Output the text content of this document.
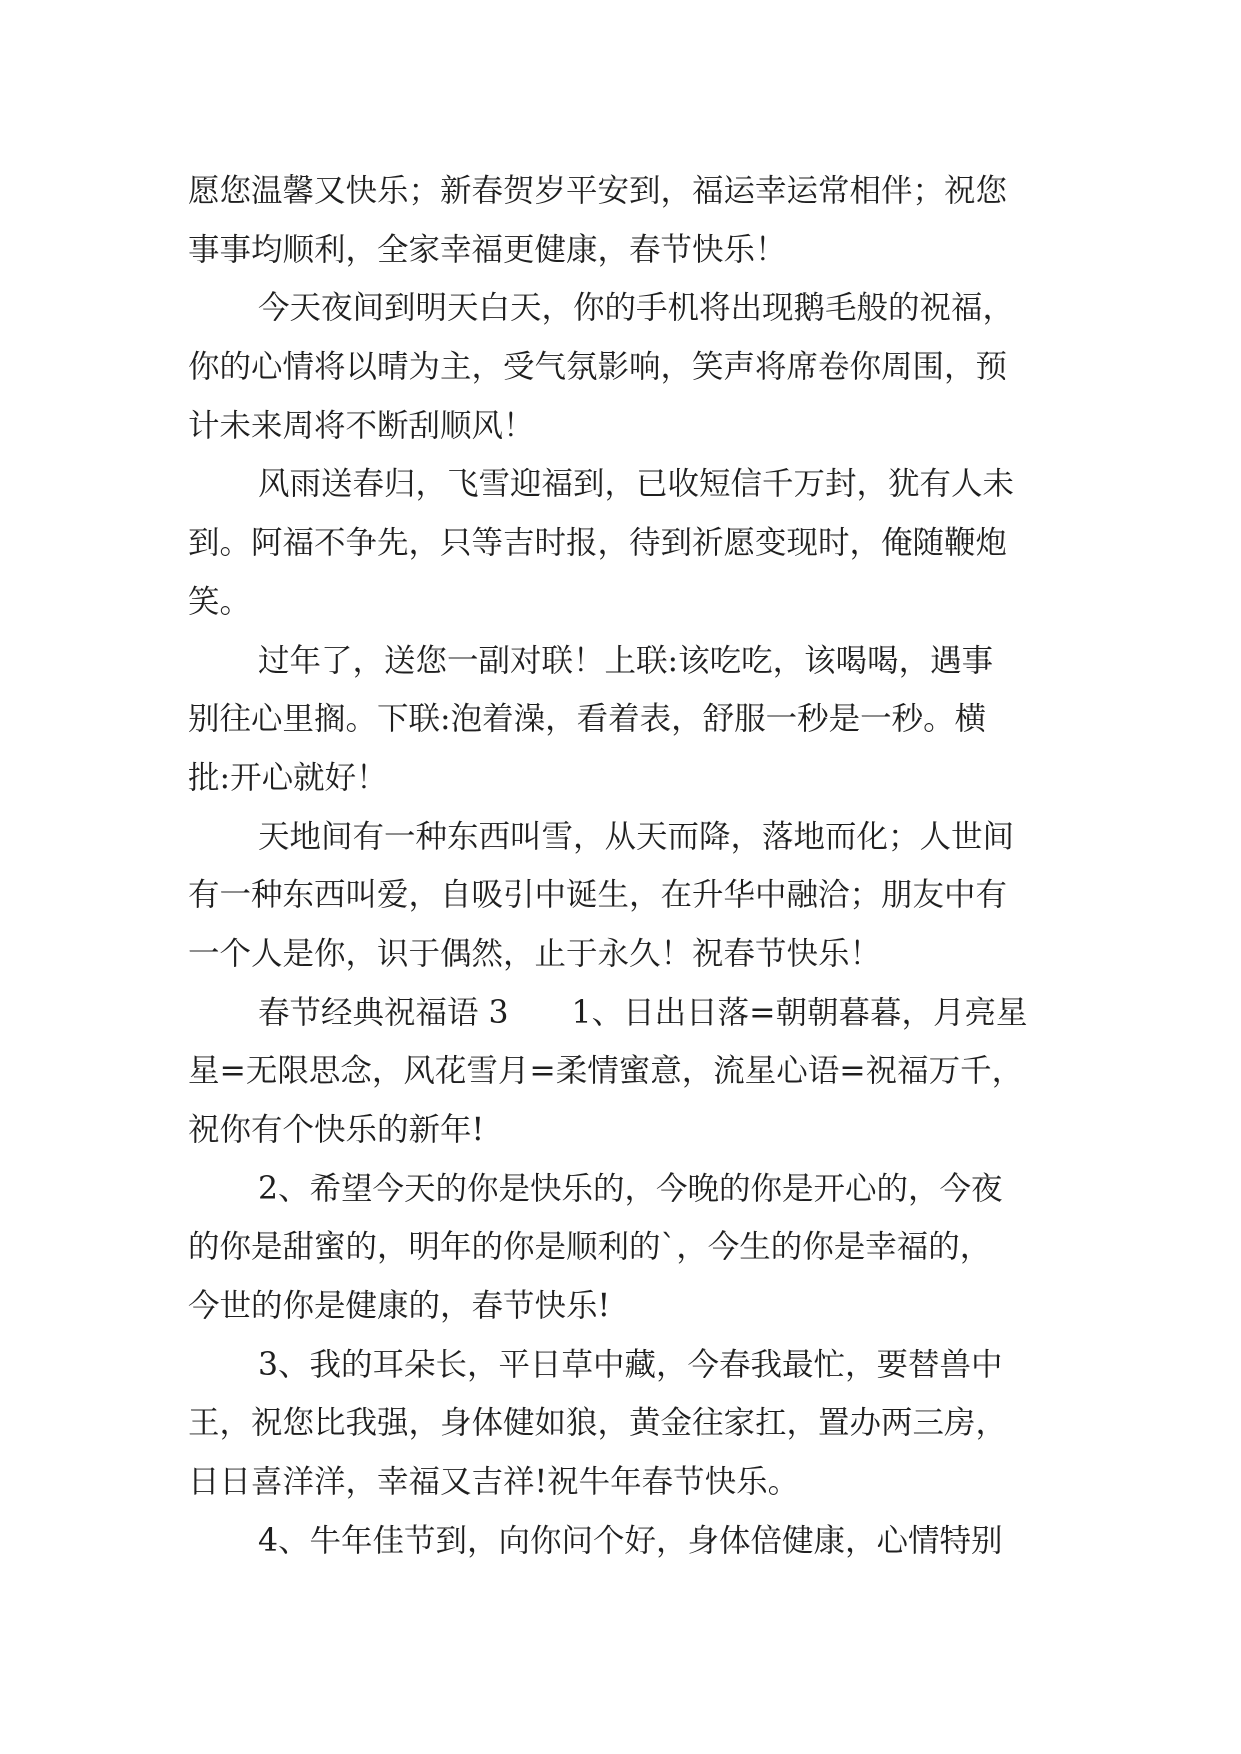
愿您温馨又快乐；新春贺岁平安到，福运幸运常相伴；祝您
事事均顺利，全家幸福更健康，春节快乐！
今天夜间到明天白天，你的手机将出现鹅毛般的祝福，
你的心情将以晴为主，受气氛影响，笑声将席卷你周围，预
计未来周将不断刮顺风！
风雨送春归，飞雪迎福到，已收短信千万封，犹有人未
到。阿福不争先，只等吉时报，待到祈愿变现时，俺随鞭炮
笑。
过年了，送您一副对联！上联:该吃吃，该喝喝，遇事
别往心里搁。下联:泡着澡，看着表，舒服一秒是一秒。横
批:开心就好！
天地间有一种东西叫雪，从天而降，落地而化；人世间
有一种东西叫爱，自吸引中诞生，在升华中融洽；朋友中有
一个人是你，识于偶然，止于永久！祝春节快乐！
春节经典祝福语 3　　1、日出日落=朝朝暮暮，月亮星
星=无限思念，风花雪月=柔情蜜意，流星心语=祝福万千，
祝你有个快乐的新年!
2、希望今天的你是快乐的，今晚的你是开心的，今夜
的你是甜蜜的，明年的你是顺利的`，今生的你是幸福的，
今世的你是健康的，春节快乐!
3、我的耳朵长，平日草中藏，今春我最忙，要替兽中
王，祝您比我强，身体健如狼，黄金往家扛，置办两三房，
日日喜洋洋，幸福又吉祥!祝牛年春节快乐。
4、牛年佳节到，向你问个好，身体倍健康，心情特别
